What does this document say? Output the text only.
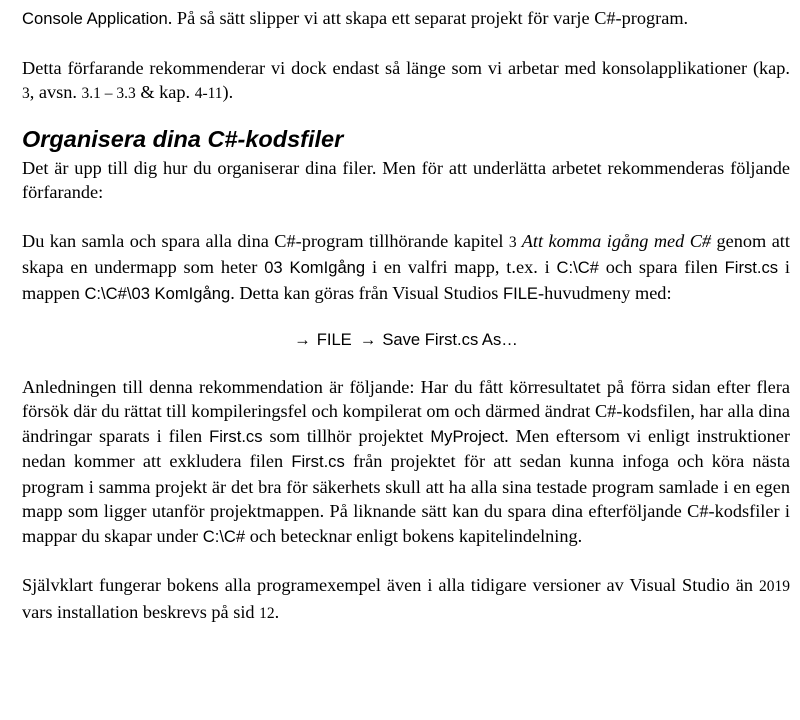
Console Application. På så sätt slipper vi att skapa ett separat projekt för varje C#-program.

Detta förfarande rekommenderar vi dock endast så länge som vi arbetar med konsolapplikationer (kap. 3, avsn. 3.1 – 3.3 & kap. 4-11).

Organisera dina C#-kodsfiler

Det är upp till dig hur du organiserar dina filer. Men för att underlätta arbetet rekommenderas följande förfarande:

Du kan samla och spara alla dina C#-program tillhörande kapitel 3 Att komma igång med C# genom att skapa en undermapp som heter 03 KomIgång i en valfri mapp, t.ex. i C:\C# och spara filen First.cs i mappen C:\C#\03 KomIgång. Detta kan göras från Visual Studios FILE-huvudmeny med:

→ FILE → Save First.cs As…

Anledningen till denna rekommendation är följande: Har du fått körresultatet på förra sidan efter flera försök där du rättat till kompileringsfel och kompilerat om och därmed ändrat C#-kodsfilen, har alla dina ändringar sparats i filen First.cs som tillhör projektet MyProject. Men eftersom vi enligt instruktioner nedan kommer att exkludera filen First.cs från projektet för att sedan kunna infoga och köra nästa program i samma projekt är det bra för säkerhets skull att ha alla sina testade program samlade i en egen mapp som ligger utanför projektmappen. På liknande sätt kan du spara dina efterföljande C#-kodsfiler i mappar du skapar under C:\C# och betecknar enligt bokens kapitelindelning.

Självklart fungerar bokens alla programexempel även i alla tidigare versioner av Visual Studio än 2019 vars installation beskrevs på sid 12.
